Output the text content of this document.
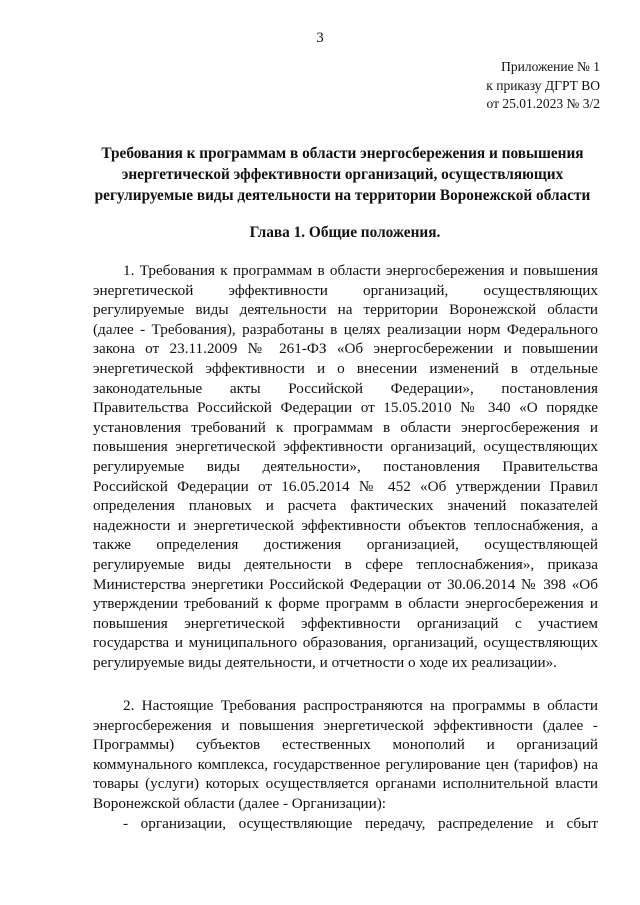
3
Приложение № 1
к приказу ДГРТ ВО
от 25.01.2023 № 3/2
Требования к программам в области энергосбережения и повышения
энергетической эффективности организаций, осуществляющих
регулируемые виды деятельности на территории Воронежской области
Глава 1. Общие положения.
1. Требования к программам в области энергосбережения и повышения
энергетической эффективности организаций, осуществляющих
регулируемые виды деятельности на территории Воронежской области
(далее - Требования), разработаны в целях реализации норм Федерального
закона от 23.11.2009 № 261-ФЗ «Об энергосбережении и повышении
энергетической эффективности и о внесении изменений в отдельные
законодательные акты Российской Федерации», постановления
Правительства Российской Федерации от 15.05.2010 № 340 «О порядке
установления требований к программам в области энергосбережения и
повышения энергетической эффективности организаций, осуществляющих
регулируемые виды деятельности», постановления Правительства
Российской Федерации от 16.05.2014 № 452 «Об утверждении Правил
определения плановых и расчета фактических значений показателей
надежности и энергетической эффективности объектов теплоснабжения, а
также определения достижения организацией, осуществляющей
регулируемые виды деятельности в сфере теплоснабжения», приказа
Министерства энергетики Российской Федерации от 30.06.2014 № 398 «Об
утверждении требований к форме программ в области энергосбережения и
повышения энергетической эффективности организаций с участием
государства и муниципального образования, организаций, осуществляющих
регулируемые виды деятельности, и отчетности о ходе их реализации».
2. Настоящие Требования распространяются на программы в области
энергосбережения и повышения энергетической эффективности (далее -
Программы) субъектов естественных монополий и организаций
коммунального комплекса, государственное регулирование цен (тарифов) на
товары (услуги) которых осуществляется органами исполнительной власти
Воронежской области (далее - Организации):
- организации, осуществляющие передачу, распределение и сбыт
